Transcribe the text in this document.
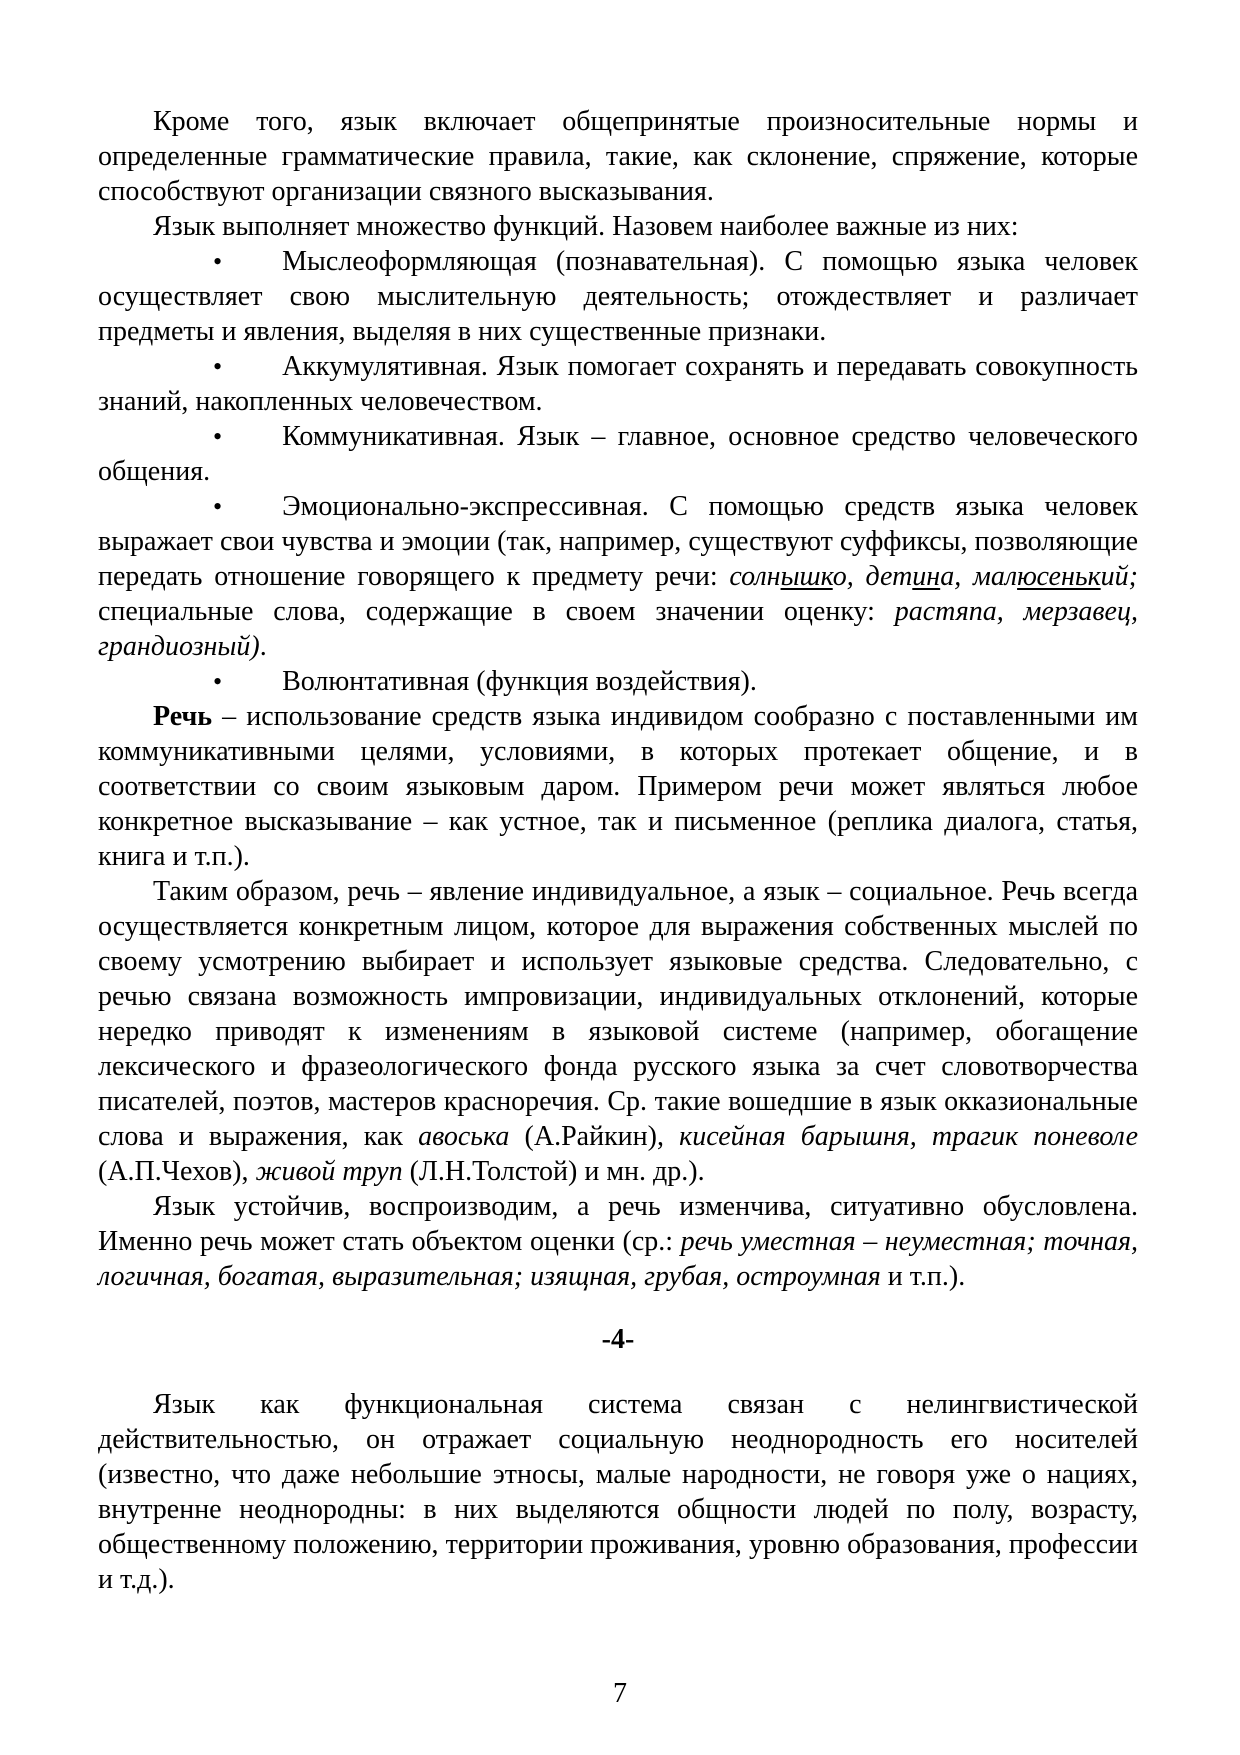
Кроме того, язык включает общепринятые произносительные нормы и определенные грамматические правила, такие, как склонение, спряжение, которые способствуют организации связного высказывания.

Язык выполняет множество функций. Назовем наиболее важные из них:

• Мыслеоформляющая (познавательная). С помощью языка человек осуществляет свою мыслительную деятельность; отождествляет и различает предметы и явления, выделяя в них существенные признаки.

• Аккумулятивная. Язык помогает сохранять и передавать совокупность знаний, накопленных человечеством.

• Коммуникативная. Язык – главное, основное средство человеческого общения.

• Эмоционально-экспрессивная. С помощью средств языка человек выражает свои чувства и эмоции (так, например, существуют суффиксы, позволяющие передать отношение говорящего к предмету речи: солнышко, детина, малюсенький; специальные слова, содержащие в своем значении оценку: растяпа, мерзавец, грандиозный).

• Волюнтативная (функция воздействия).

Речь – использование средств языка индивидом сообразно с поставленными им коммуникативными целями, условиями, в которых протекает общение, и в соответствии со своим языковым даром. Примером речи может являться любое конкретное высказывание – как устное, так и письменное (реплика диалога, статья, книга и т.п.).

Таким образом, речь – явление индивидуальное, а язык – социальное. Речь всегда осуществляется конкретным лицом, которое для выражения собственных мыслей по своему усмотрению выбирает и использует языковые средства. Следовательно, с речью связана возможность импровизации, индивидуальных отклонений, которые нередко приводят к изменениям в языковой системе (например, обогащение лексического и фразеологического фонда русского языка за счет словотворчества писателей, поэтов, мастеров красноречия. Ср. такие вошедшие в язык окказиональные слова и выражения, как авоська (А.Райкин), кисейная барышня, трагик поневоле (А.П.Чехов), живой труп (Л.Н.Толстой) и мн. др.).

Язык устойчив, воспроизводим, а речь изменчива, ситуативно обусловлена. Именно речь может стать объектом оценки (ср.: речь уместная – неуместная; точная, логичная, богатая, выразительная; изящная, грубая, остроумная и т.п.).

-4-

Язык как функциональная система связан с нелингвистической действительностью, он отражает социальную неоднородность его носителей (известно, что даже небольшие этносы, малые народности, не говоря уже о нациях, внутренне неоднородны: в них выделяются общности людей по полу, возрасту, общественному положению, территории проживания, уровню образования, профессии и т.д.).

7
